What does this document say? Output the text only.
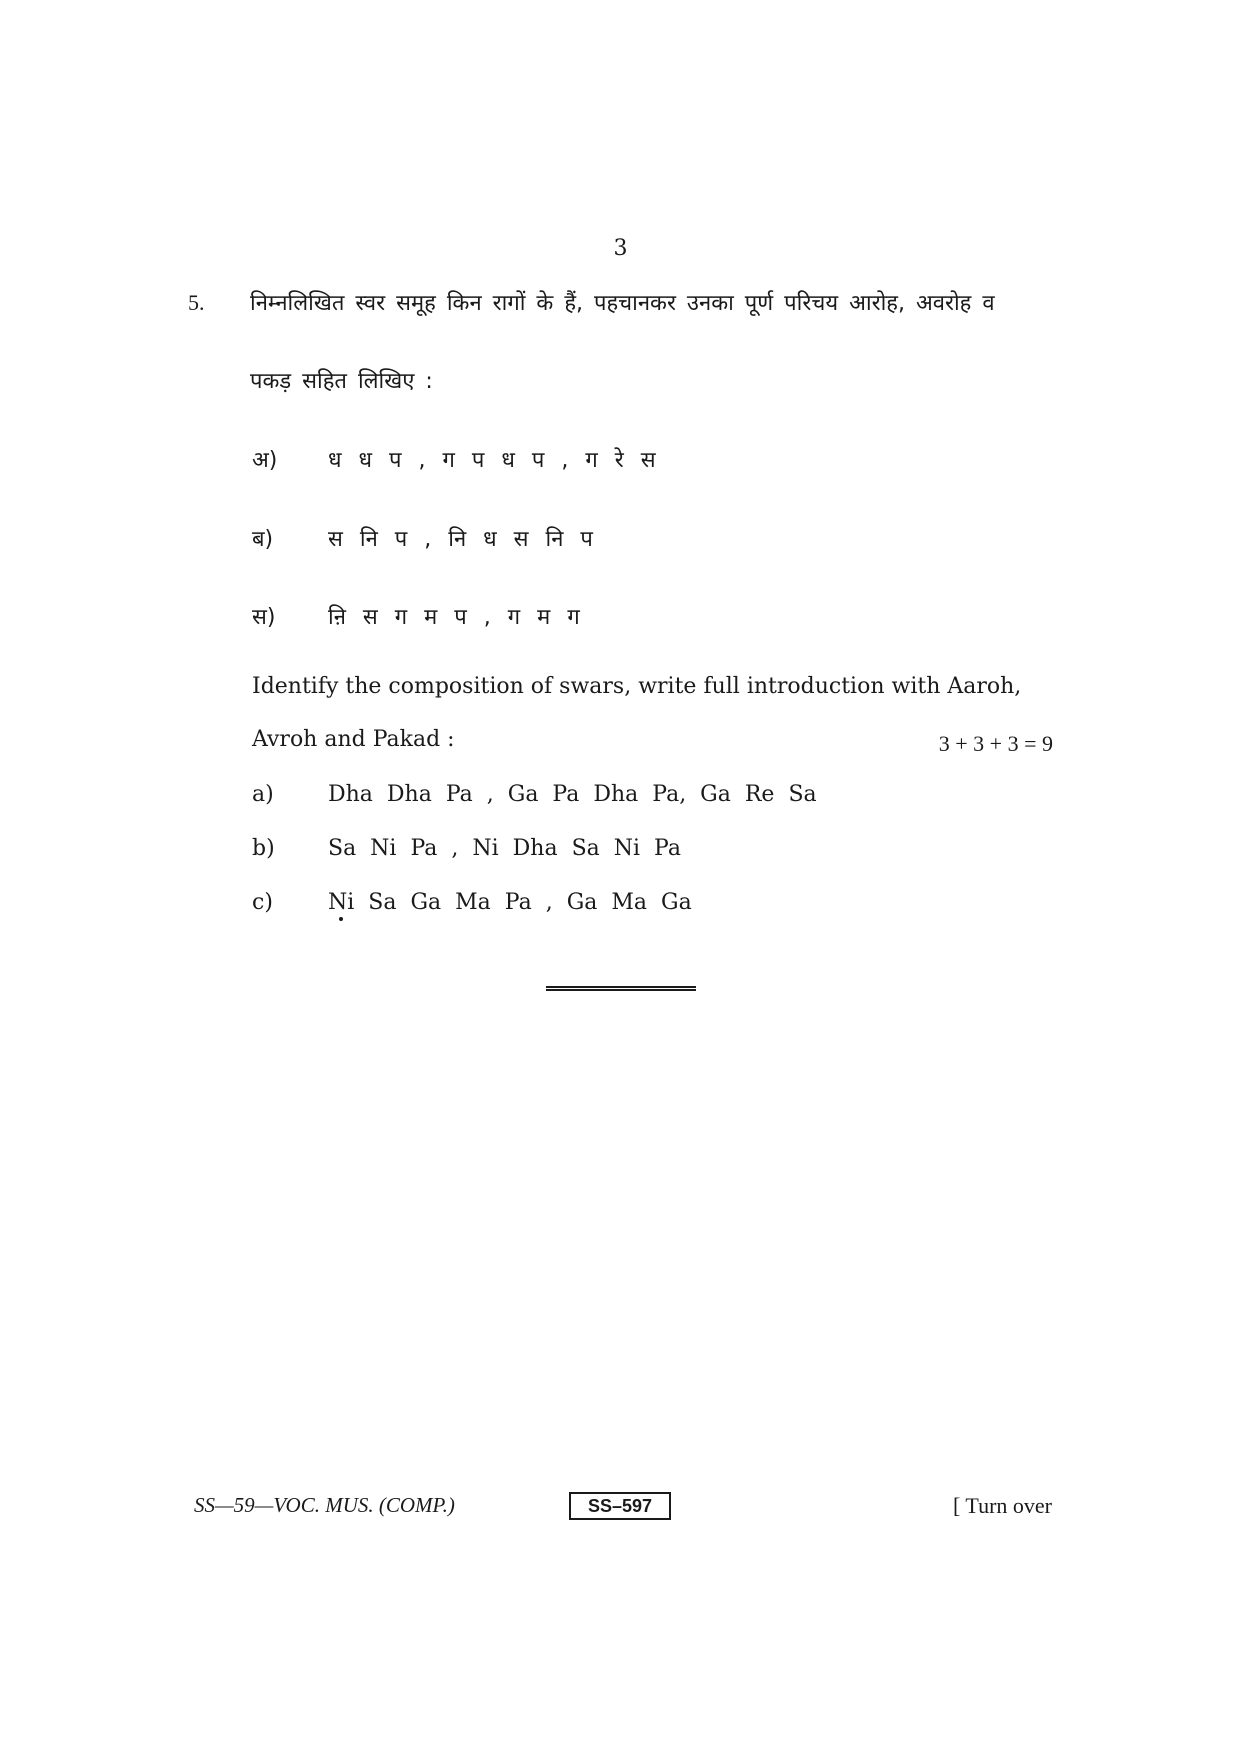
3
5. निम्नलिखित स्वर समूह किन रागों के हैं, पहचानकर उनका पूर्ण परिचय आरोह, अवरोह व
पकड़ सहित लिखिए :
अ) ध ध प , ग प ध प , ग रे स
ब) स नि प , नि ध स नि प
स) ऩि स ग म प , ग म ग
Identify the composition of swars, write full introduction with Aaroh,
Avroh and Pakad :	3 + 3 + 3 = 9
a) Dha Dha Pa , Ga Pa Dha Pa, Ga Re Sa
b) Sa Ni Pa , Ni Dha Sa Ni Pa
c)	Ni Sa Ga Ma Pa , Ga Ma Ga
SS—59—VOC. MUS. (COMP.)	SS–597	[ Turn over
